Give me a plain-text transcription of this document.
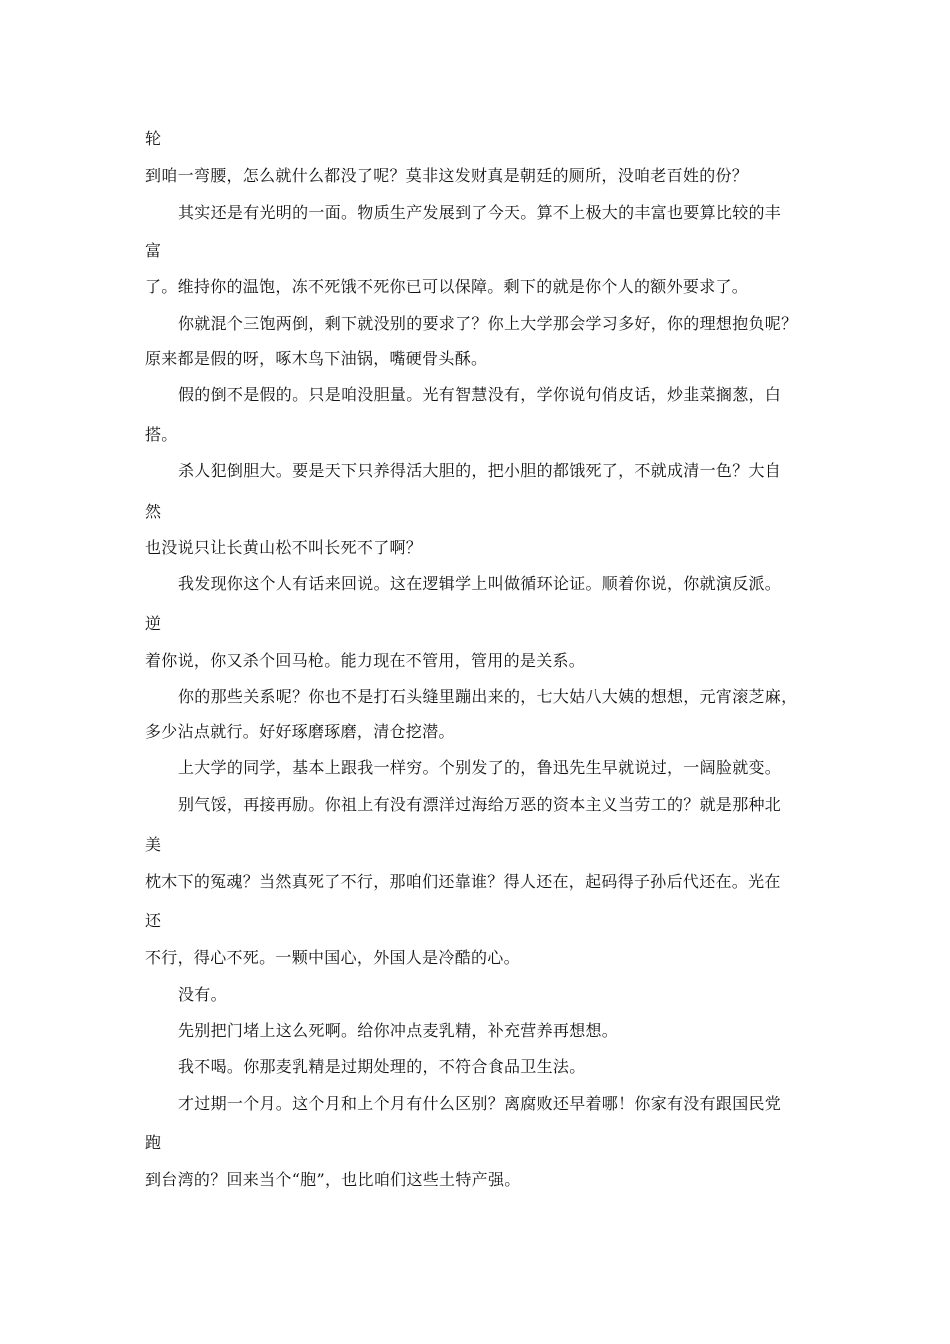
轮
到咱一弯腰，怎么就什么都没了呢？莫非这发财真是朝廷的厕所，没咱老百姓的份？
其实还是有光明的一面。物质生产发展到了今天。算不上极大的丰富也要算比较的丰
富
了。维持你的温饱，冻不死饿不死你已可以保障。剩下的就是你个人的额外要求了。
你就混个三饱两倒，剩下就没别的要求了？你上大学那会学习多好，你的理想抱负呢？
原来都是假的呀，啄木鸟下油锅，嘴硬骨头酥。
假的倒不是假的。只是咱没胆量。光有智慧没有，学你说句俏皮话，炒韭菜搁葱，白
搭。
杀人犯倒胆大。要是天下只养得活大胆的，把小胆的都饿死了，不就成清一色？大自
然
也没说只让长黄山松不叫长死不了啊？
我发现你这个人有话来回说。这在逻辑学上叫做循环论证。顺着你说，你就演反派。
逆
着你说，你又杀个回马枪。能力现在不管用，管用的是关系。
你的那些关系呢？你也不是打石头缝里蹦出来的，七大姑八大姨的想想，元宵滚芝麻，
多少沾点就行。好好琢磨琢磨，清仓挖潜。
上大学的同学，基本上跟我一样穷。个别发了的，鲁迅先生早就说过，一阔脸就变。
别气馁，再接再励。你祖上有没有漂洋过海给万恶的资本主义当劳工的？就是那种北
美
枕木下的冤魂？当然真死了不行，那咱们还靠谁？得人还在，起码得子孙后代还在。光在
还
不行，得心不死。一颗中国心，外国人是冷酷的心。
没有。
先别把门堵上这么死啊。给你冲点麦乳精，补充营养再想想。
我不喝。你那麦乳精是过期处理的，不符合食品卫生法。
才过期一个月。这个月和上个月有什么区别？离腐败还早着哪！你家有没有跟国民党
跑
到台湾的？回来当个“胞”，也比咱们这些土特产强。
